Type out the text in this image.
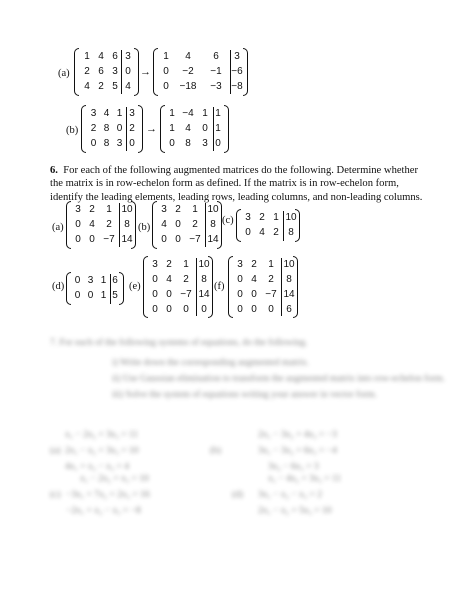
(a)
1 4 6 3
2 6 3 0
4 2 5 4
→
1	4	6	3
0	−2	−1 −6
0	−18	−3 −8
(b)
3 4 1 3
2 8 0 2
0 8 3 0
→
1 −4 1 1
1	4	0 1
0	8	3 0
6. For each of the following augmented matrices do the following. Determine whether the matrix is in row-echelon form as defined. If the matrix is in row-echelon form, identify the leading elements, leading rows, leading columns, and non-leading columns.
(a)
3 2	1 10
0 4	2	8
0 0 −7 14
(b)
3 2	1 10
4 0	2	8
0 0 −7 14
(c)	3 2 1 10
0 4 2 8
(d)
0 3 1 6
0 0 1 5
(e)
3 2	1 10
0 4	2	8
0 0 −7 14
0 0	0	0
(f)
3 2	1 10
0 4	2	8
0 0 −7 14
0 0	0	6
7. For each of the following systems of equations, do the following.
i) Write down the corresponding augmented matrix.
ii) Use Gaussian elimination to transform the augmented matrix into row-echelon form.
iii) Solve the system of equations writing your answer in vector form.
x₁ − 2x₂ + 3x₃ = 11
(a) 2x₁ − x₂ + 3x₃ = 10
4x₁ + x₂ − x₃ = 4
2x₁ − 3x₂ + 4x₃ = −3
(b)	3x₁ − 3x₂ + 6x₃ = −4
3x₂ − 6x₃ = 3
x₁ − 2x₂ + x₃ = 10
(c) −3x₁ + 7x₂ + 2x₃ = 16
−2x₁ + x₂ − x₃ = −8
x₁ − 4x₂ + 3x₃ = 11
(d) 3x₁ − x₂ − x₃ = 2
2x₁ − x₂ + 5x₃ = 10
